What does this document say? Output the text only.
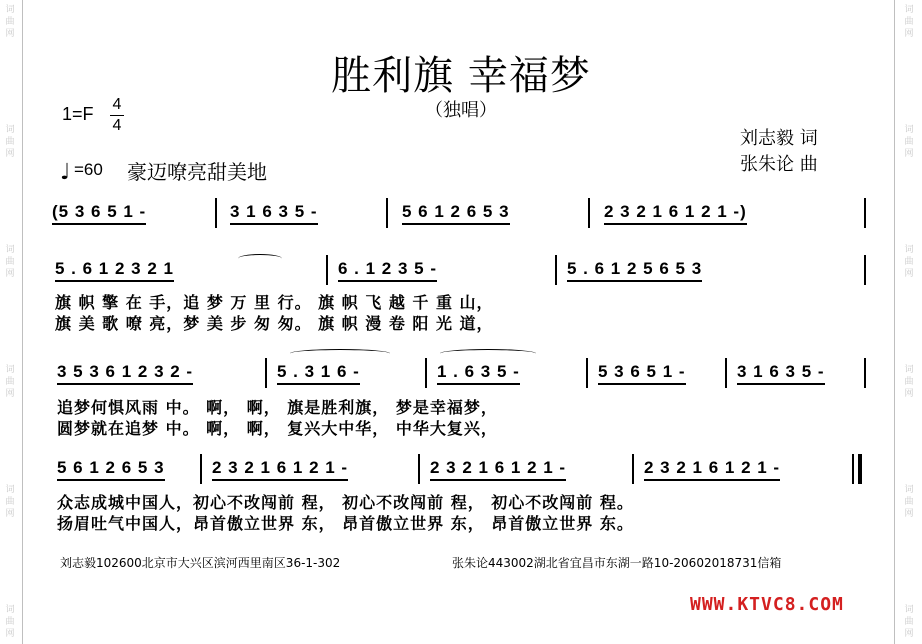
词曲网
词曲网
词曲网
词曲网
词曲网
词曲网
词曲网
词曲网
词曲网
词曲网
词曲网
词曲网
胜利旗 幸福梦
（独唱）
1=F 4
4
刘志毅 词
张朱论 曲
♩ =60 豪迈嘹亮甜美地
(5 3 6 5 1 -	3 1 6 3 5 -	5 6 1 2 6 5 3	2 3 2 1 6 1 2 1 -)
5 . 6 1 2 3 2 1	6 . 1 2 3 5 -	5 . 6 1 2 5 6 5 3
旗 帜 擎 在 手，追 梦 万 里 行。 旗 帜 飞 越 千 重 山，
旗 美 歌 嘹 亮，梦 美 步 匆 匆。 旗 帜 漫 卷 阳 光 道，
3 5 3 6 1 2 3 2 -	5 . 3 1 6 -	1 . 6 3 5 -	5 3 6 5 1 -	3 1 6 3 5 -
追梦何惧风雨 中。 啊， 啊， 旗是胜利旗， 梦是幸福梦，
圆梦就在追梦 中。 啊， 啊， 复兴大中华， 中华大复兴，
5 6 1 2 6 5 3	2 3 2 1 6 1 2 1 -	2 3 2 1 6 1 2 1 -	2 3 2 1 6 1 2 1 -
众志成城中国人，初心不改闯前 程， 初心不改闯前 程， 初心不改闯前 程。
扬眉吐气中国人，昂首傲立世界 东， 昂首傲立世界 东， 昂首傲立世界 东。
刘志毅102600北京市大兴区滨河西里南区36-1-302	张朱论443002湖北省宜昌市东湖一路10-20602018731信箱
WWW.KTVC8.COM
